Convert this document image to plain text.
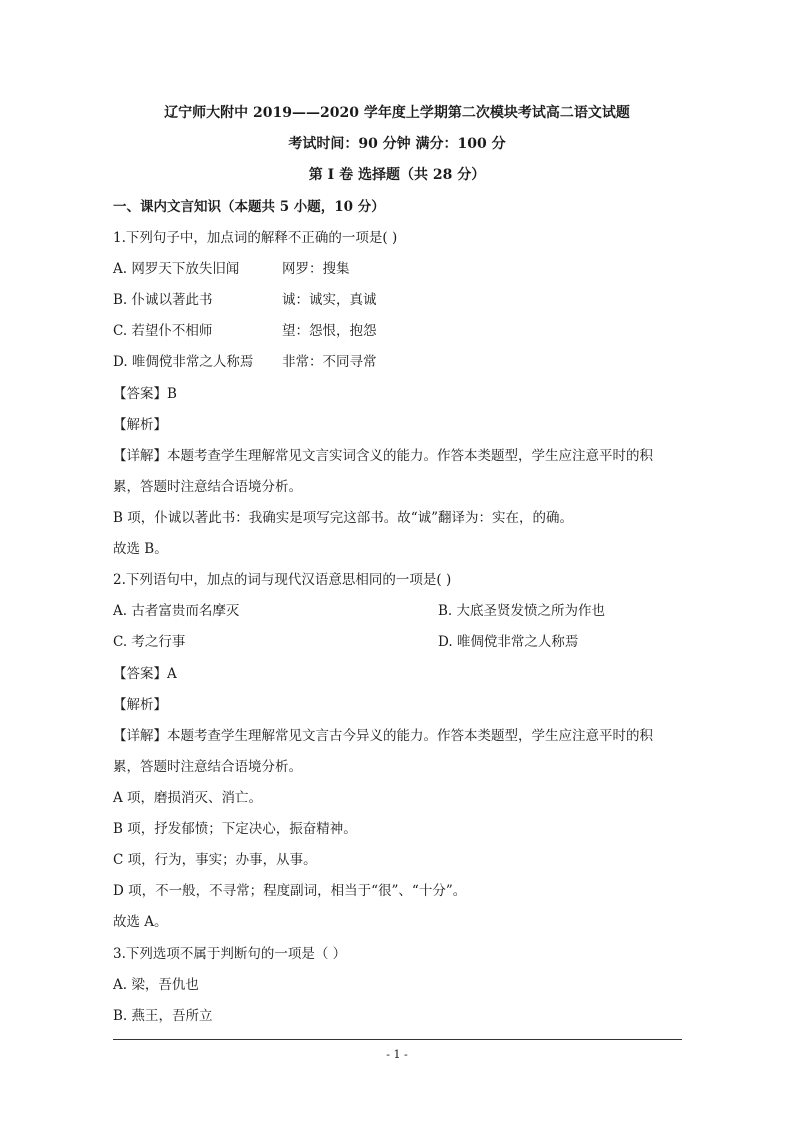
辽宁师大附中 2019——2020 学年度上学期第二次模块考试高二语文试题
考试时间：90 分钟 满分：100 分
第 I 卷 选择题（共 28 分）
一、课内文言知识（本题共 5 小题，10 分）
1.下列句子中，加点词的解释不正确的一项是( )
A. 网罗天下放失旧闻	网罗：搜集
B. 仆诚以著此书	诚：诚实，真诚
C. 若望仆不相师	望：怨恨，抱怨
D. 唯倜傥非常之人称焉 非常：不同寻常
【答案】B
【解析】
【详解】本题考查学生理解常见文言实词含义的能力。作答本类题型，学生应注意平时的积
累，答题时注意结合语境分析。
B 项，仆诚以著此书：我确实是项写完这部书。故“诚”翻译为：实在，的确。
故选 B。
2.下列语句中，加点的词与现代汉语意思相同的一项是( )
A. 古者富贵而名摩灭	B. 大底圣贤发愤之所为作也
C. 考之行事	D. 唯倜傥非常之人称焉
【答案】A
【解析】
【详解】本题考查学生理解常见文言古今异义的能力。作答本类题型，学生应注意平时的积
累，答题时注意结合语境分析。
A 项，磨损消灭、消亡。
B 项，抒发郁愤；下定决心，振奋精神。
C 项，行为，事实；办事，从事。
D 项，不一般，不寻常；程度副词，相当于“很”、“十分”。
故选 A。
3.下列选项不属于判断句的一项是（ ）
A. 梁，吾仇也
B. 燕王，吾所立
- 1 -
